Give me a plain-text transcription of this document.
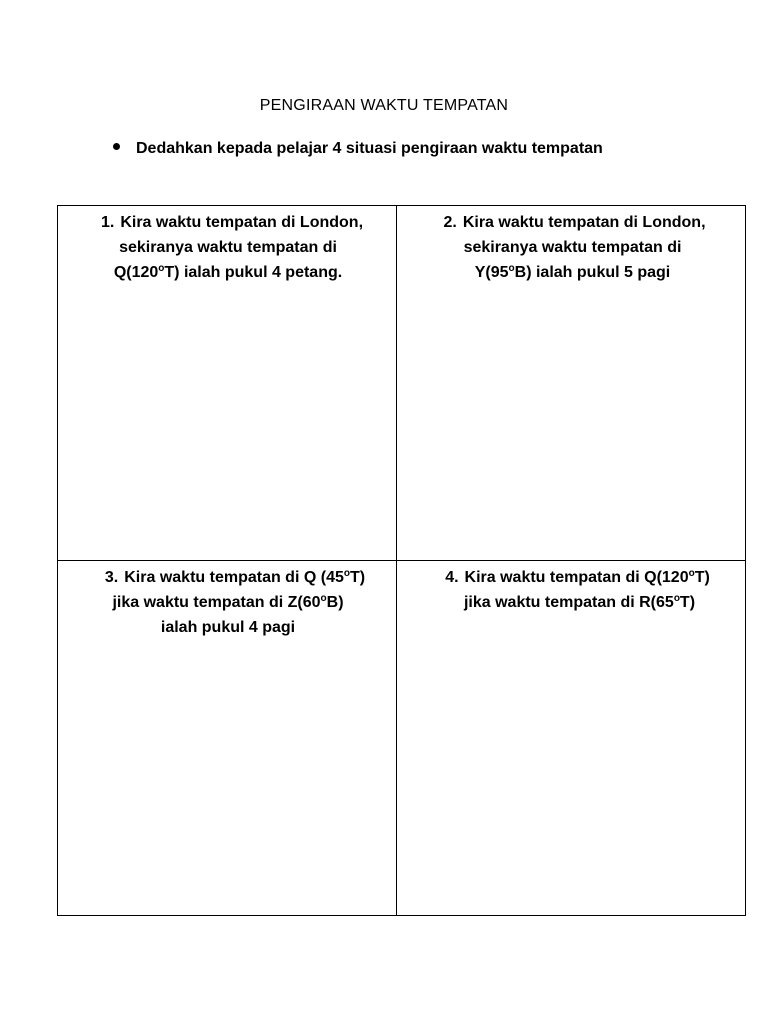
PENGIRAAN WAKTU TEMPATAN
Dedahkan kepada pelajar 4 situasi pengiraan waktu tempatan
1. Kira waktu tempatan di London,
sekiranya waktu tempatan di
Q(120$^o$T) ialah pukul 4 petang.
2. Kira waktu tempatan di London,
sekiranya waktu tempatan di
Y(95$^o$B) ialah pukul 5 pagi
3. Kira waktu tempatan di Q (45$^o$T)
jika waktu tempatan di Z(60$^o$B)
ialah pukul 4 pagi
4. Kira waktu tempatan di Q(120$^o$T)
jika waktu tempatan di R(65$^o$T)
